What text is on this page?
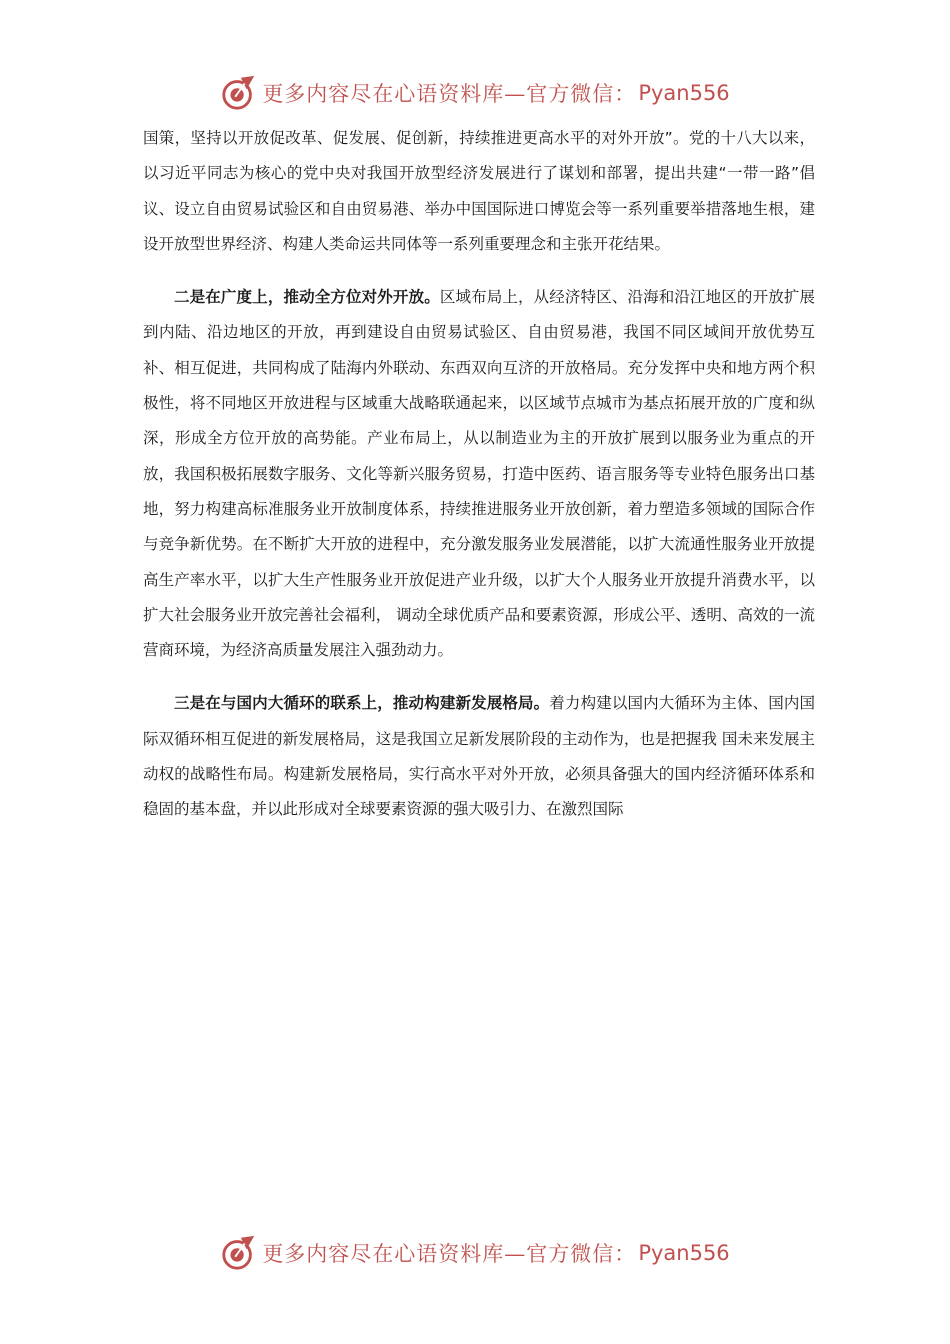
更多内容尽在心语资料库—官方微信： Pyan556

国策，坚持以开放促改革、促发展、促创新，持续推进更高水平的对外开放”。党的十八大以来，以习近平同志为核心的党中央对我国开放型经济发展进行了谋划和部署，提出共建“一带一路”倡议、设立自由贸易试验区和自由贸易港、举办中国国际进口博览会等一系列重要举措落地生根，建设开放型世界经济、构建人类命运共同体等一系列重要理念和主张开花结果。

二是在广度上，推动全方位对外开放。区域布局上，从经济特区、沿海和沿江地区的开放扩展到内陆、沿边地区的开放，再到建设自由贸易试验区、自由贸易港，我国不同区域间开放优势互补、相互促进，共同构成了陆海内外联动、东西双向互济的开放格局。充分发挥中央和地方两个积极性，将不同地区开放进程与区域重大战略联通起来，以区域节点城市为基点拓展开放的广度和纵深，形成全方位开放的高势能。产业布局上，从以制造业为主的开放扩展到以服务业为重点的开放，我国积极拓展数字服务、文化等新兴服务贸易，打造中医药、语言服务等专业特色服务出口基地，努力构建高标准服务业开放制度体系，持续推进服务业开放创新，着力塑造多领域的国际合作与竞争新优势。在不断扩大开放的进程中，充分激发服务业发展潜能，以扩大流通性服务业开放提高生产率水平，以扩大生产性服务业开放促进产业升级，以扩大个人服务业开放提升消费水平，以扩大社会服务业开放完善社会福利， 调动全球优质产品和要素资源，形成公平、透明、高效的一流营商环境，为经济高质量发展注入强劲动力。

三是在与国内大循环的联系上，推动构建新发展格局。着力构建以国内大循环为主体、国内国际双循环相互促进的新发展格局，这是我国立足新发展阶段的主动作为，也是把握我 国未来发展主动权的战略性布局。构建新发展格局，实行高水平对外开放，必须具备强大的国内经济循环体系和稳固的基本盘，并以此形成对全球要素资源的强大吸引力、在激烈国际

更多内容尽在心语资料库—官方微信： Pyan556
